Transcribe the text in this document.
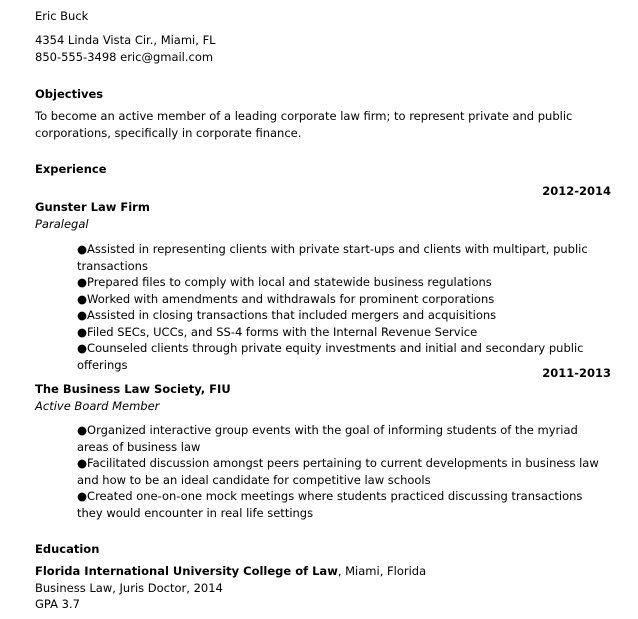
Eric Buck
4354 Linda Vista Cir., Miami, FL
850-555-3498 eric@gmail.com
Objectives
To become an active member of a leading corporate law firm; to represent private and public corporations, specifically in corporate finance.
Experience
2012-2014
Gunster Law Firm
Paralegal
●Assisted in representing clients with private start-ups and clients with multipart, public transactions
●Prepared files to comply with local and statewide business regulations
●Worked with amendments and withdrawals for prominent corporations
●Assisted in closing transactions that included mergers and acquisitions
●Filed SECs, UCCs, and SS-4 forms with the Internal Revenue Service
●Counseled clients through private equity investments and initial and secondary public offerings
2011-2013
The Business Law Society, FIU
Active Board Member
●Organized interactive group events with the goal of informing students of the myriad areas of business law
●Facilitated discussion amongst peers pertaining to current developments in business law and how to be an ideal candidate for competitive law schools
●Created one-on-one mock meetings where students practiced discussing transactions they would encounter in real life settings
Education
Florida International University College of Law, Miami, Florida
Business Law, Juris Doctor, 2014
GPA 3.7
